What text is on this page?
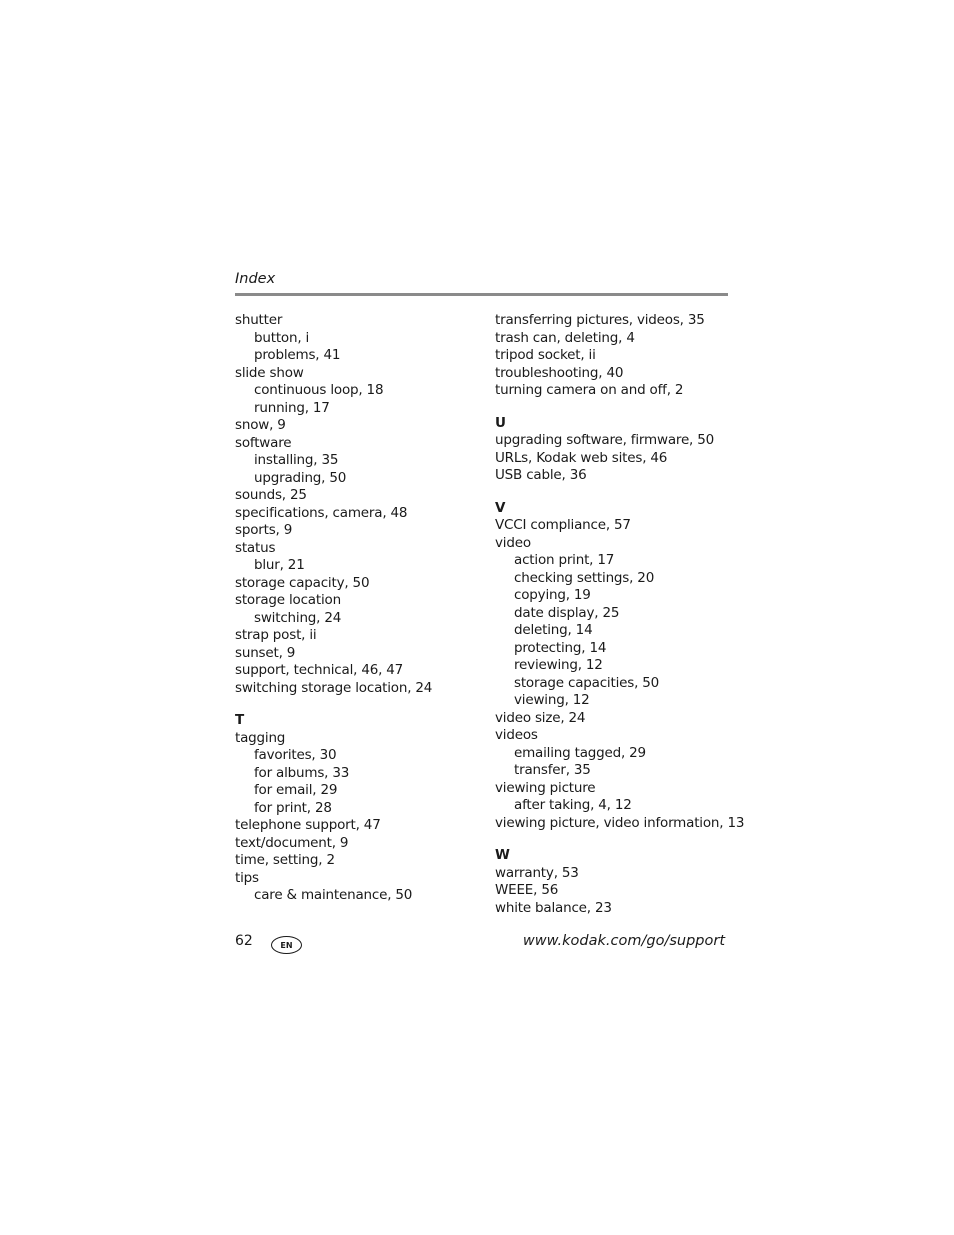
Index
shutter
button, i
problems, 41
slide show
continuous loop, 18
running, 17
snow, 9
software
installing, 35
upgrading, 50
sounds, 25
specifications, camera, 48
sports, 9
status
blur, 21
storage capacity, 50
storage location
switching, 24
strap post, ii
sunset, 9
support, technical, 46, 47
switching storage location, 24
T
tagging
favorites, 30
for albums, 33
for email, 29
for print, 28
telephone support, 47
text/document, 9
time, setting, 2
tips
care & maintenance, 50
transferring pictures, videos, 35
trash can, deleting, 4
tripod socket, ii
troubleshooting, 40
turning camera on and off, 2
U
upgrading software, firmware, 50
URLs, Kodak web sites, 46
USB cable, 36
V
VCCI compliance, 57
video
action print, 17
checking settings, 20
copying, 19
date display, 25
deleting, 14
protecting, 14
reviewing, 12
storage capacities, 50
viewing, 12
video size, 24
videos
emailing tagged, 29
transfer, 35
viewing picture
after taking, 4, 12
viewing picture, video information, 13
W
warranty, 53
WEEE, 56
white balance, 23
62	EN	www.kodak.com/go/support
